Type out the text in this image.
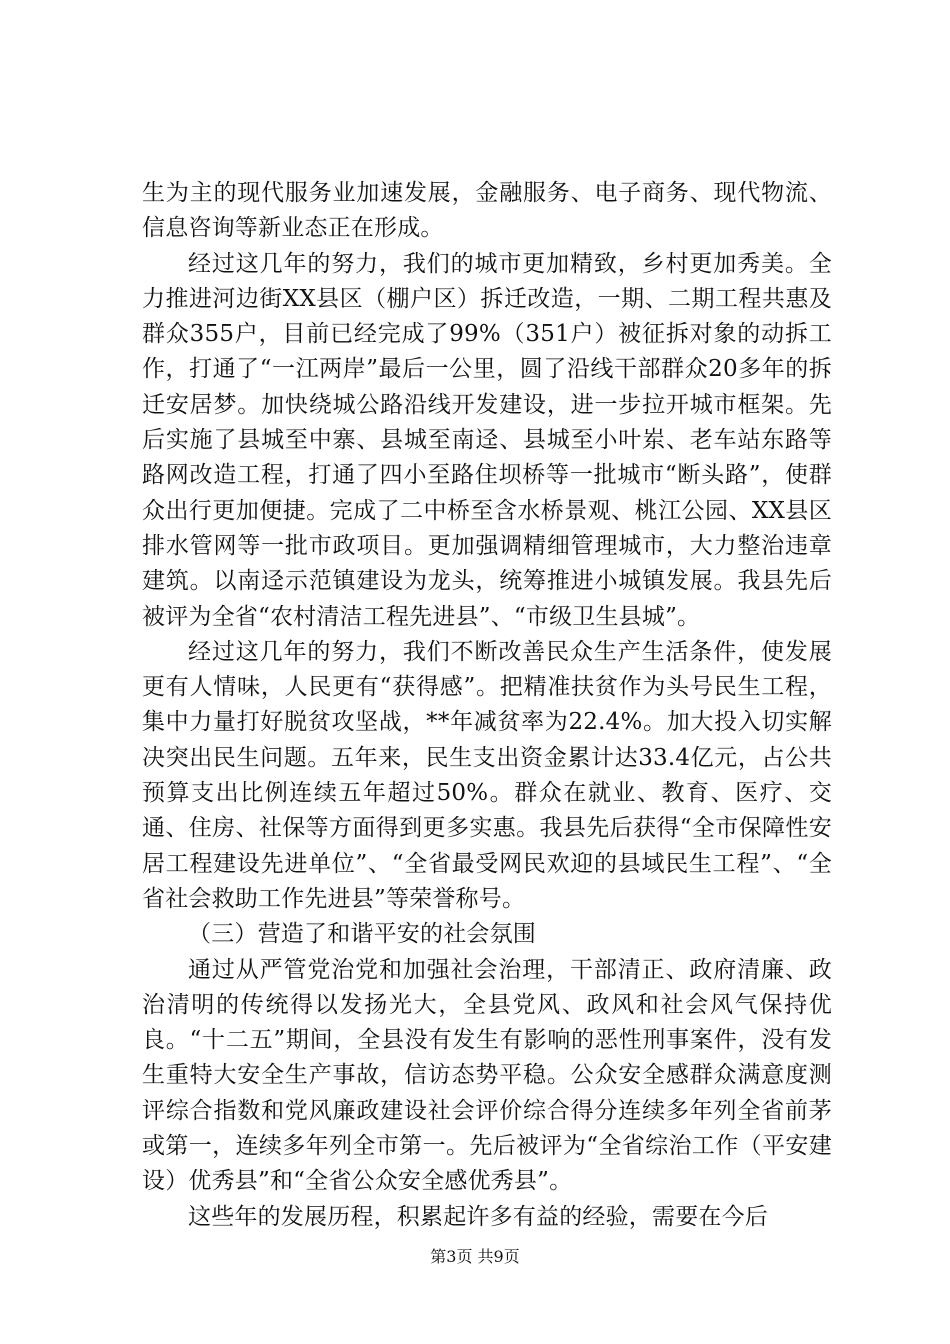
生为主的现代服务业加速发展，金融服务、电子商务、现代物流、信息咨询等新业态正在形成。

经过这几年的努力，我们的城市更加精致，乡村更加秀美。全力推进河边街XX县区（棚户区）拆迁改造，一期、二期工程共惠及群众355户，目前已经完成了99%（351户）被征拆对象的动拆工作，打通了“一江两岸”最后一公里，圆了沿线干部群众20多年的拆迁安居梦。加快绕城公路沿线开发建设，进一步拉开城市框架。先后实施了县城至中寨、县城至南迳、县城至小叶岽、老车站东路等路网改造工程，打通了四小至路住坝桥等一批城市“断头路”，使群众出行更加便捷。完成了二中桥至含水桥景观、桃江公园、XX县区排水管网等一批市政项目。更加强调精细管理城市，大力整治违章建筑。以南迳示范镇建设为龙头，统筹推进小城镇发展。我县先后被评为全省“农村清洁工程先进县”、“市级卫生县城”。

经过这几年的努力，我们不断改善民众生产生活条件，使发展更有人情味，人民更有“获得感”。把精准扶贫作为头号民生工程，集中力量打好脱贫攻坚战，**年减贫率为22.4%。加大投入切实解决突出民生问题。五年来，民生支出资金累计达33.4亿元，占公共预算支出比例连续五年超过50%。群众在就业、教育、医疗、交通、住房、社保等方面得到更多实惠。我县先后获得“全市保障性安居工程建设先进单位”、“全省最受网民欢迎的县域民生工程”、“全省社会救助工作先进县”等荣誉称号。

（三）营造了和谐平安的社会氛围

通过从严管党治党和加强社会治理，干部清正、政府清廉、政治清明的传统得以发扬光大，全县党风、政风和社会风气保持优良。“十二五”期间，全县没有发生有影响的恶性刑事案件，没有发生重特大安全生产事故，信访态势平稳。公众安全感群众满意度测评综合指数和党风廉政建设社会评价综合得分连续多年列全省前茅或第一，连续多年列全市第一。先后被评为“全省综治工作（平安建设）优秀县”和“全省公众安全感优秀县”。

这些年的发展历程，积累起许多有益的经验，需要在今后

第3页 共9页
